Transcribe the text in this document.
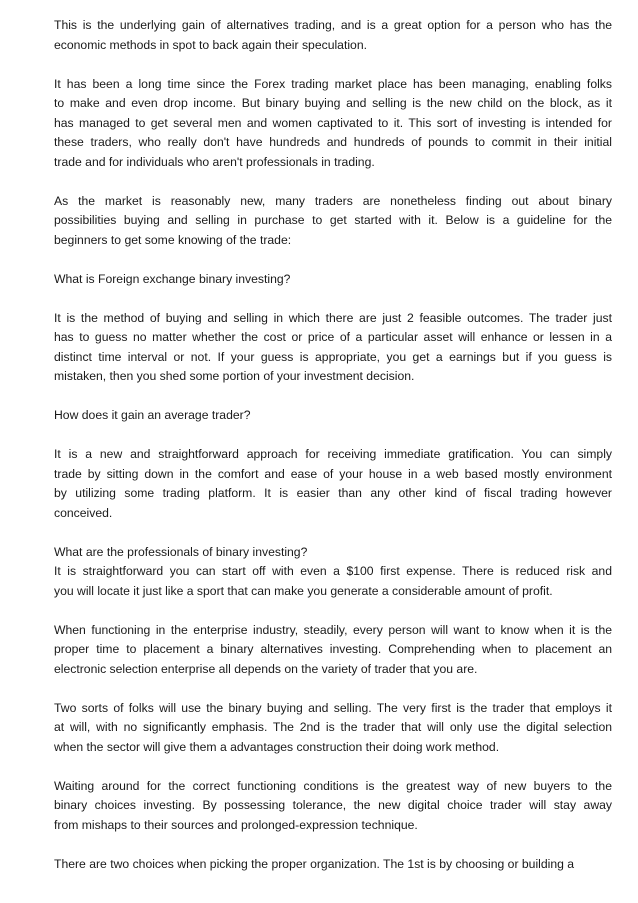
This is the underlying gain of alternatives trading, and is a great option for a person who has the
economic methods in spot to back again their speculation.

It has been a long time since the Forex trading market place has been managing, enabling folks
to make and even drop income. But binary buying and selling is the new child on the block, as it
has managed to get several men and women captivated to it. This sort of investing is intended for
these traders, who really don't have hundreds and hundreds of pounds to commit in their initial
trade and for individuals who aren't professionals in trading.

As the market is reasonably new, many traders are nonetheless finding out about binary
possibilities buying and selling in purchase to get started with it. Below is a guideline for the
beginners to get some knowing of the trade:

What is Foreign exchange binary investing?

It is the method of buying and selling in which there are just 2 feasible outcomes. The trader just
has to guess no matter whether the cost or price of a particular asset will enhance or lessen in a
distinct time interval or not. If your guess is appropriate, you get a earnings but if you guess is
mistaken, then you shed some portion of your investment decision.

How does it gain an average trader?

It is a new and straightforward approach for receiving immediate gratification. You can simply
trade by sitting down in the comfort and ease of your house in a web based mostly environment
by utilizing some trading platform. It is easier than any other kind of fiscal trading however
conceived.

What are the professionals of binary investing?

It is straightforward you can start off with even a $100 first expense. There is reduced risk and
you will locate it just like a sport that can make you generate a considerable amount of profit.

When functioning in the enterprise industry, steadily, every person will want to know when it is the
proper time to placement a binary alternatives investing. Comprehending when to placement an
electronic selection enterprise all depends on the variety of trader that you are.

Two sorts of folks will use the binary buying and selling. The very first is the trader that employs it
at will, with no significantly emphasis. The 2nd is the trader that will only use the digital selection
when the sector will give them a advantages construction their doing work method.

Waiting around for the correct functioning conditions is the greatest way of new buyers to the
binary choices investing. By possessing tolerance, the new digital choice trader will stay away
from mishaps to their sources and prolonged-expression technique.

There are two choices when picking the proper organization. The 1st is by choosing or building a
